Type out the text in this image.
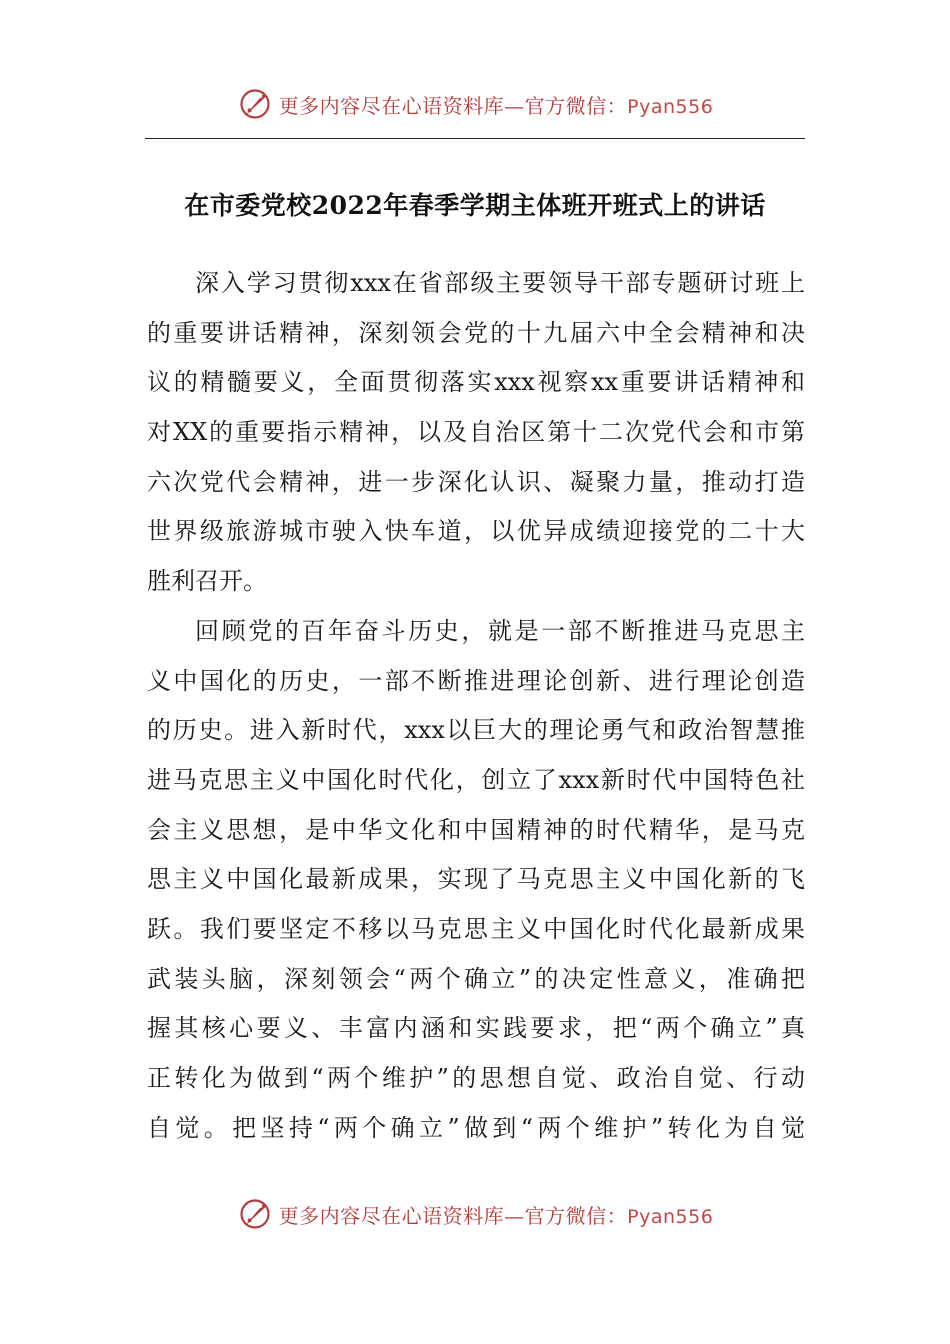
更多内容尽在心语资料库—官方微信：Pyan556
在市委党校2022年春季学期主体班开班式上的讲话
深入学习贯彻xxx在省部级主要领导干部专题研讨班上
的重要讲话精神，深刻领会党的十九届六中全会精神和决
议的精髓要义，全面贯彻落实xxx视察xx重要讲话精神和
对XX的重要指示精神，以及自治区第十二次党代会和市第
六次党代会精神，进一步深化认识、凝聚力量，推动打造
世界级旅游城市驶入快车道，以优异成绩迎接党的二十大
胜利召开。
回顾党的百年奋斗历史，就是一部不断推进马克思主
义中国化的历史，一部不断推进理论创新、进行理论创造
的历史。进入新时代，xxx以巨大的理论勇气和政治智慧推
进马克思主义中国化时代化，创立了xxx新时代中国特色社
会主义思想，是中华文化和中国精神的时代精华，是马克
思主义中国化最新成果，实现了马克思主义中国化新的飞
跃。我们要坚定不移以马克思主义中国化时代化最新成果
武装头脑，深刻领会“两个确立”的决定性意义，准确把
握其核心要义、丰富内涵和实践要求，把“两个确立”真
正转化为做到“两个维护”的思想自觉、政治自觉、行动
自觉。把坚持“两个确立”做到“两个维护”转化为自觉
更多内容尽在心语资料库—官方微信：Pyan556
